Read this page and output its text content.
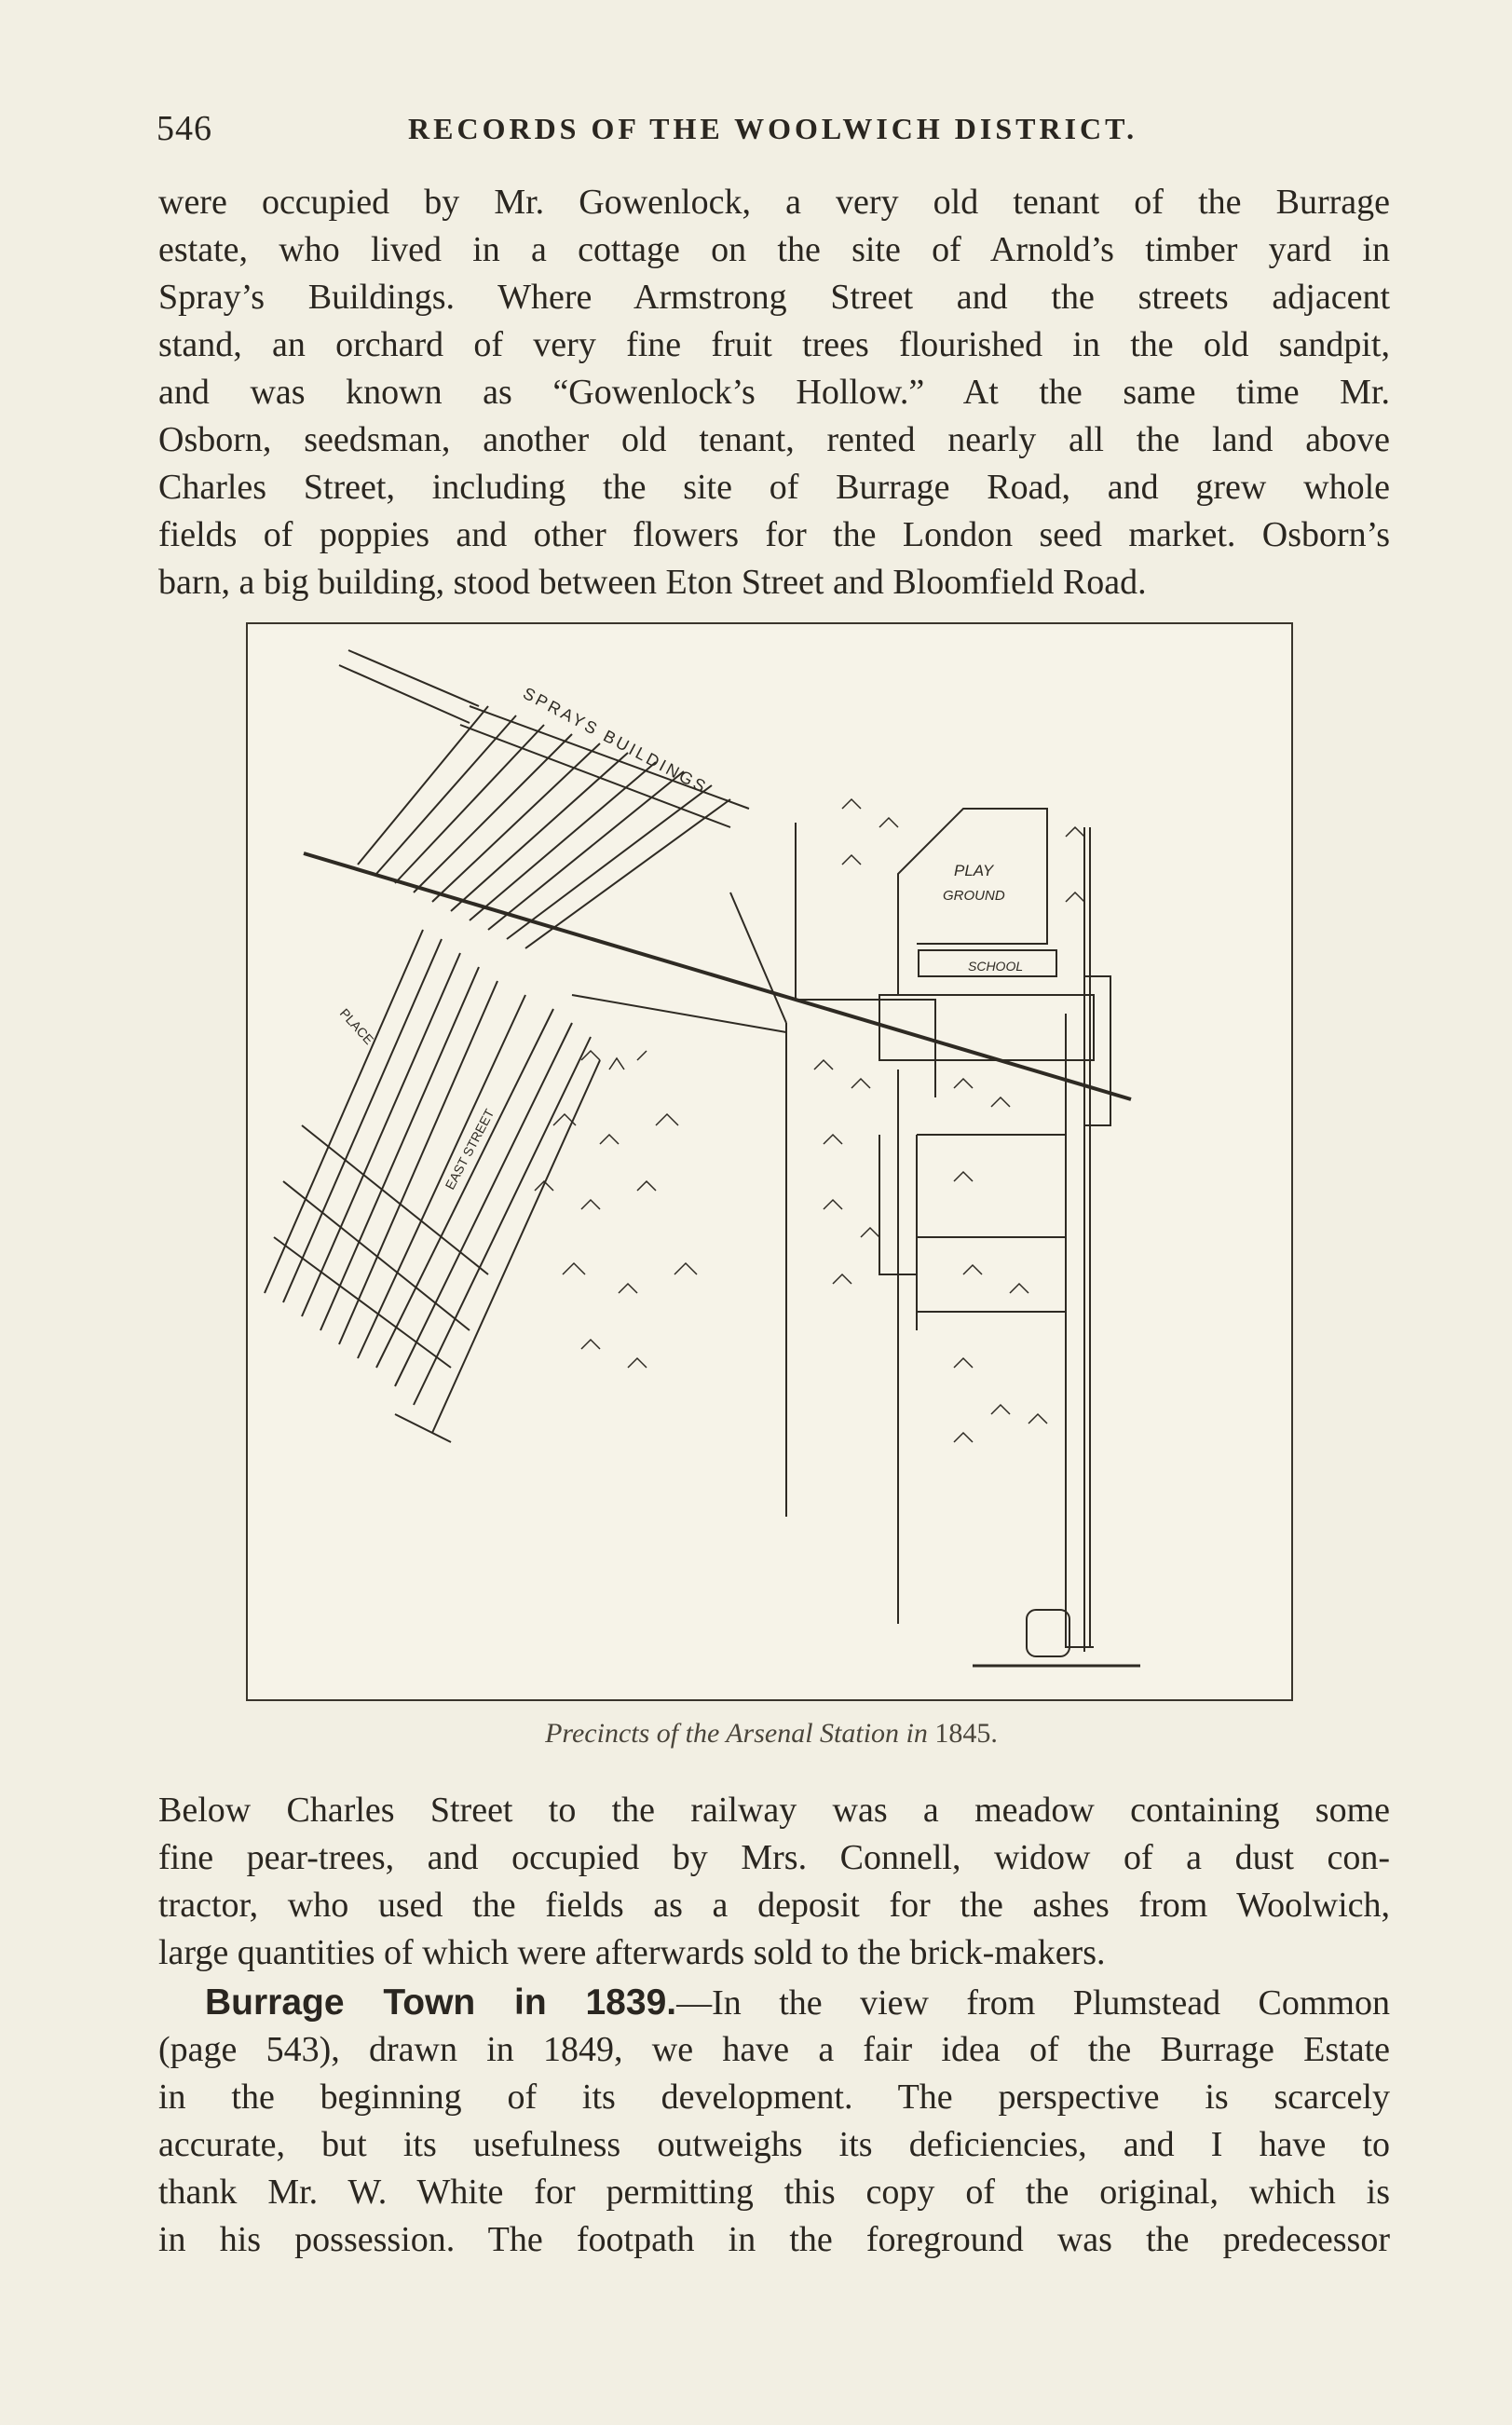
546	RECORDS OF THE WOOLWICH DISTRICT.
were occupied by Mr. Gowenlock, a very old tenant of the Burrage
estate, who lived in a cottage on the site of Arnold’s timber yard in
Spray’s Buildings. Where Armstrong Street and the streets adjacent
stand, an orchard of very fine fruit trees flourished in the old sandpit,
and was known as “Gowenlock’s Hollow.” At the same time Mr.
Osborn, seedsman, another old tenant, rented nearly all the land above
Charles Street, including the site of Burrage Road, and grew whole
fields of poppies and other flowers for the London seed market. Osborn’s
barn, a big building, stood between Eton Street and Bloomfield Road.
SPRAYS BUILDINGS
PLAY
GROUND
SCHOOL
PLACE
EAST STREET
Precincts of the Arsenal Station in 1845.
Below Charles Street to the railway was a meadow containing some
fine pear-trees, and occupied by Mrs. Connell, widow of a dust con-
tractor, who used the fields as a deposit for the ashes from Woolwich,
large quantities of which were afterwards sold to the brick-makers.
Burrage Town in 1839.—In the view from Plumstead Common
(page 543), drawn in 1849, we have a fair idea of the Burrage Estate
in the beginning of its development. The perspective is scarcely
accurate, but its usefulness outweighs its deficiencies, and I have to
thank Mr. W. White for permitting this copy of the original, which is
in his possession. The footpath in the foreground was the predecessor
